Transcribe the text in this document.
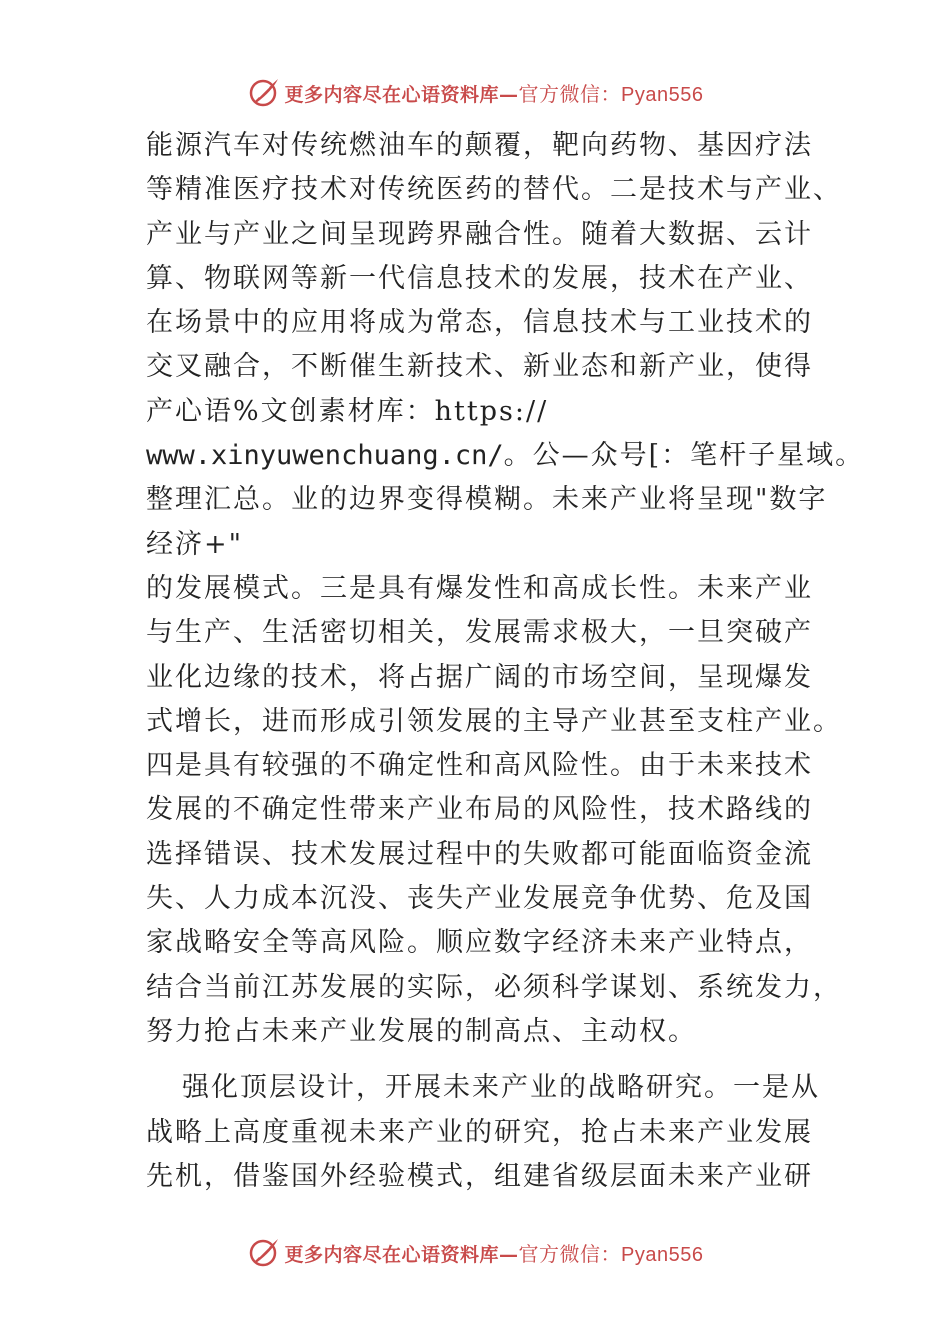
更多内容尽在心语资料库—官方微信：Pyan556
能源汽车对传统燃油车的颠覆，靶向药物、基因疗法
等精准医疗技术对传统医药的替代。二是技术与产业、
产业与产业之间呈现跨界融合性。随着大数据、云计
算、物联网等新一代信息技术的发展，技术在产业、
在场景中的应用将成为常态，信息技术与工业技术的
交叉融合，不断催生新技术、新业态和新产业，使得
产心语%文创素材库：https://
www.xinyuwenchuang.cn/。公—众号[：笔杆子星域。
整理汇总。业的边界变得模糊。未来产业将呈现"数字
经济+"
的发展模式。三是具有爆发性和高成长性。未来产业
与生产、生活密切相关，发展需求极大，一旦突破产
业化边缘的技术，将占据广阔的市场空间，呈现爆发
式增长，进而形成引领发展的主导产业甚至支柱产业。
四是具有较强的不确定性和高风险性。由于未来技术
发展的不确定性带来产业布局的风险性，技术路线的
选择错误、技术发展过程中的失败都可能面临资金流
失、人力成本沉没、丧失产业发展竞争优势、危及国
家战略安全等高风险。顺应数字经济未来产业特点，
结合当前江苏发展的实际，必须科学谋划、系统发力，
努力抢占未来产业发展的制高点、主动权。
强化顶层设计，开展未来产业的战略研究。一是从
战略上高度重视未来产业的研究，抢占未来产业发展
先机，借鉴国外经验模式，组建省级层面未来产业研
更多内容尽在心语资料库—官方微信：Pyan556
